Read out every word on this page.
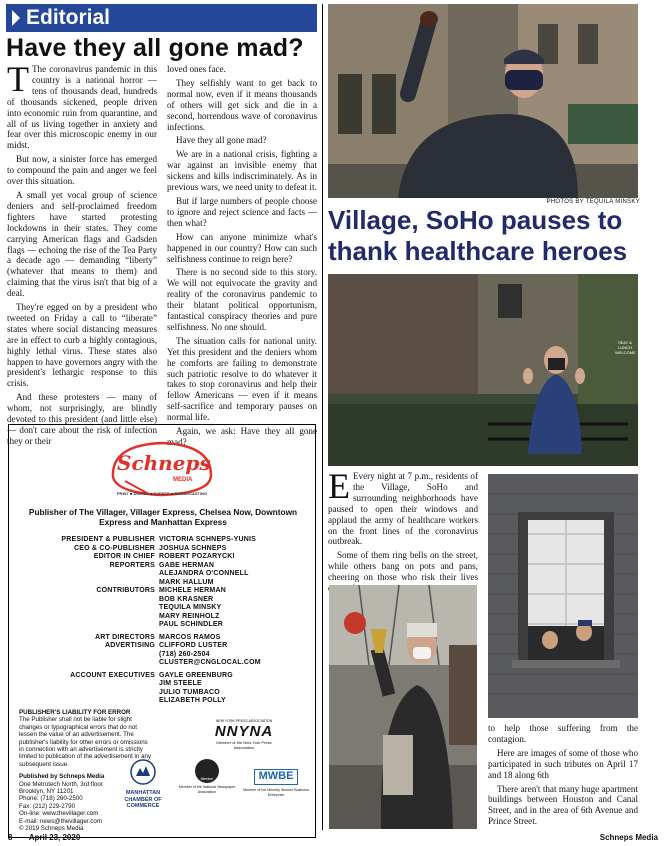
Editorial
Have they all gone mad?

T The coronavirus pandemic in this country is a national horror — tens of thousands dead, hundreds of thousands sickened, people driven into economic ruin from quarantine, and all of us living together in anxiety and fear over this microscopic enemy in our midst.

But now, a sinister force has emerged to compound the pain and anger we feel over this situation.

A small yet vocal group of science deniers and self-proclaimed freedom fighters have started protesting lockdowns in their states. They come carrying American flags and Gadsden flags — echoing the rise of the Tea Party a decade ago — demanding “liberty” (whatever that means to them) and claiming that the virus isn't that big of a deal.

They're egged on by a president who tweeted on Friday a call to “liberate” states where social distancing measures are in effect to curb a highly contagious, highly lethal virus. These states also happen to have governors angry with the president's lethargic response to this crisis.

And these protesters — many of whom, not surprisingly, are blindly devoted to this president (and little else) — don't care about the risk of infection they or their

loved ones face.

They selfishly want to get back to normal now, even if it means thousands of others will get sick and die in a second, horrendous wave of coronavirus infections.

Have they all gone mad?

We are in a national crisis, fighting a war against an invisible enemy that sickens and kills indiscriminately. As in previous wars, we need unity to defeat it.

But if large numbers of people choose to ignore and reject science and facts — then what?

How can anyone minimize what's happened in our country? How can such selfishness continue to reign here?

There is no second side to this story. We will not equivocate the gravity and reality of the coronavirus pandemic to their blatant political opportunism, fantastical conspiracy theories and pure selfishness. No one should.

The situation calls for national unity. Yet this president and the deniers whom he comforts are failing to demonstrate such patriotic resolve to do whatever it takes to stop coronavirus and help their fellow Americans — even if it means self-sacrifice and temporary pauses on normal life.

Again, we ask: Have they all gone mad?

Schneps
MEDIA
PRINT ■ DIGITAL ■ EVENTS ■ BROADCASTING
Publisher of The Villager, Villager Express, Chelsea Now, Downtown Express and Manhattan Express
PRESIDENT & PUBLISHER VICTORIA SCHNEPS-YUNIS
CEO & CO-PUBLISHER JOSHUA SCHNEPS
EDITOR IN CHIEF ROBERT POZARYCKI
REPORTERS GABE HERMAN
ALEJANDRA O'CONNELL
MARK HALLUM
CONTRIBUTORS MICHELE HERMAN
BOB KRASNER
TEQUILA MINSKY
MARY REINHOLZ
PAUL SCHINDLER
ART DIRECTORS MARCOS RAMOS
ADVERTISING CLIFFORD LUSTER
(718) 260-2504
CLUSTER@CNGLOCAL.COM
ACCOUNT EXECUTIVES GAYLE GREENBURG
JIM STEELE
JULIO TUMBACO
ELIZABETH POLLY
PUBLISHER'S LIABILITY FOR ERROR
The Publisher shall not be liable for slight changes or typographical errors that do not lessen the value of an advertisement. The publisher's liability for other errors or omissions in connection with an advertisement is strictly limited to publication of the advertisement in any subsequent issue.
Published by Schneps Media
One Metrotech North, 3rd floor
Brooklyn, NY 11201
Phone: (718) 260-2500
Fax: (212) 229-2790
On-line: www.thevillager.com
E-mail: news@thevillager.com
© 2019 Schneps Media
NEW YORK PRESS ASSOCIATION
NNYNA
Member of the New York Press Association
MANHATTAN CHAMBER OF COMMERCE
Member
Member of the National Newspaper Association
MWBE
Member of the Minority Women Business Enterprise
PHOTOS BY TEQUILA MINSKY
Village, SoHo pauses to thank healthcare heroes
SEAT & LUNCH WELCOME

E Every night at 7 p.m., residents of the Village, SoHo and surrounding neighborhoods have paused to open their windows and applaud the army of healthcare workers on the front lines of the coronavirus outbreak.

Some of them ring bells on the street, while others bang on pots and pans, cheering on those who risk their lives

to help those suffering from the contagion.

Here are images of some of those who participated in such tributes on April 17 and 18 along 6th

There aren't that many huge apartment buildings between Houston and Canal Street, and in the area of 6th Avenue and Prince Street.

8 April 23, 2020	Schneps Media
